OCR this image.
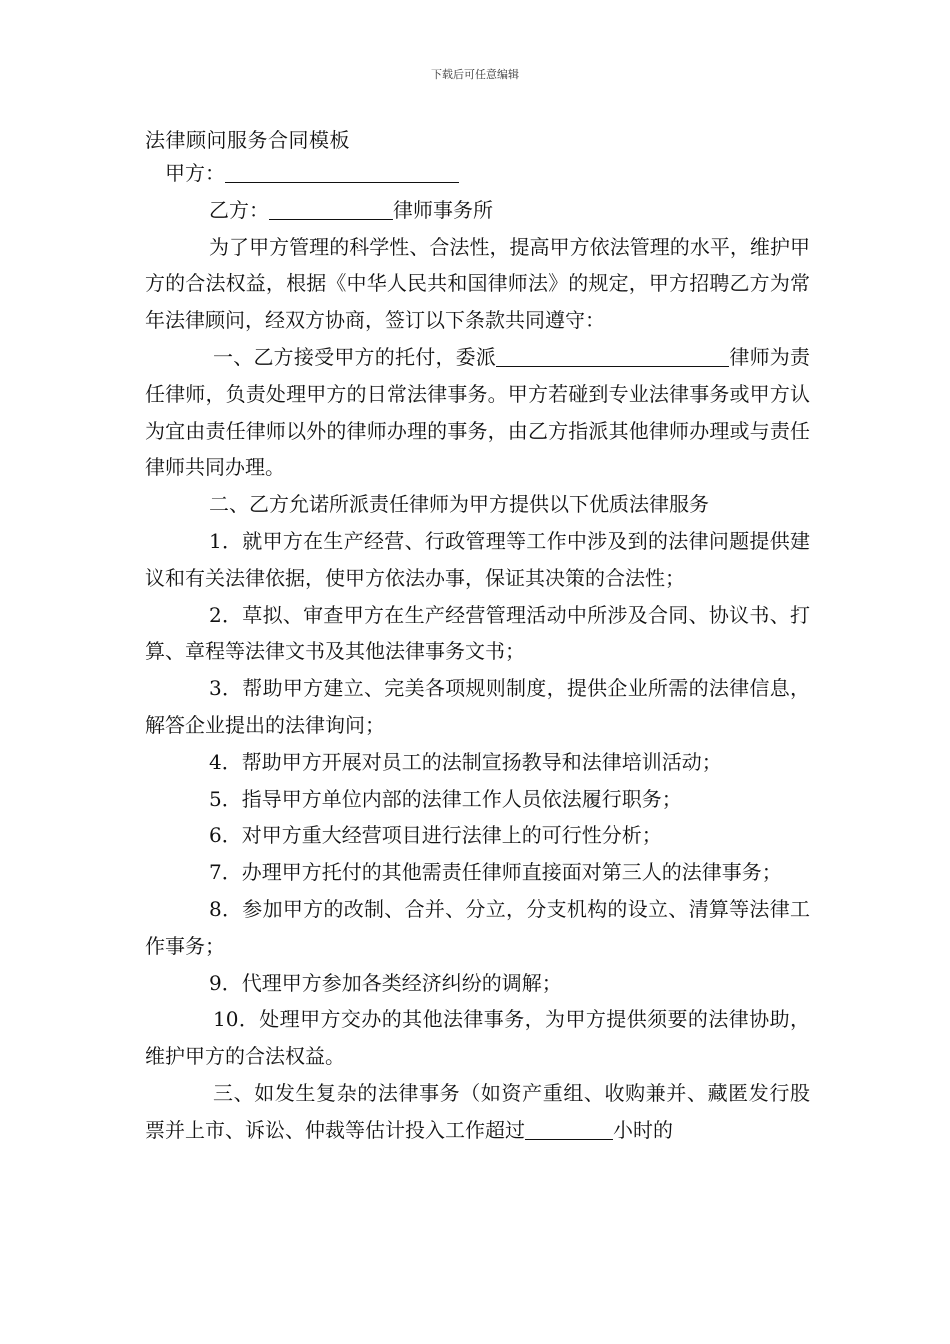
下载后可任意编辑
法律顾问服务合同模板

甲方：

乙方：	律师事务所

为了甲方管理的科学性、合法性，提高甲方依法管理的水平，维护甲方的合法权益，根据《中华人民共和国律师法》的规定，甲方招聘乙方为常年法律顾问，经双方协商，签订以下条款共同遵守：

一、乙方接受甲方的托付，委派	律师为责任律师，负责处理甲方的日常法律事务。甲方若碰到专业法律事务或甲方认为宜由责任律师以外的律师办理的事务，由乙方指派其他律师办理或与责任律师共同办理。

二、乙方允诺所派责任律师为甲方提供以下优质法律服务

1．就甲方在生产经营、行政管理等工作中涉及到的法律问题提供建议和有关法律依据，使甲方依法办事，保证其决策的合法性；

2．草拟、审查甲方在生产经营管理活动中所涉及合同、协议书、打算、章程等法律文书及其他法律事务文书；

3．帮助甲方建立、完美各项规则制度，提供企业所需的法律信息，解答企业提出的法律询问；

4．帮助甲方开展对员工的法制宣扬教导和法律培训活动；

5．指导甲方单位内部的法律工作人员依法履行职务；

6．对甲方重大经营项目进行法律上的可行性分析；

7．办理甲方托付的其他需责任律师直接面对第三人的法律事务；

8．参加甲方的改制、合并、分立，分支机构的设立、清算等法律工作事务；

9．代理甲方参加各类经济纠纷的调解；

10．处理甲方交办的其他法律事务，为甲方提供须要的法律协助，维护甲方的合法权益。

三、如发生复杂的法律事务（如资产重组、收购兼并、藏匿发行股票并上市、诉讼、仲裁等估计投入工作超过	小时的
